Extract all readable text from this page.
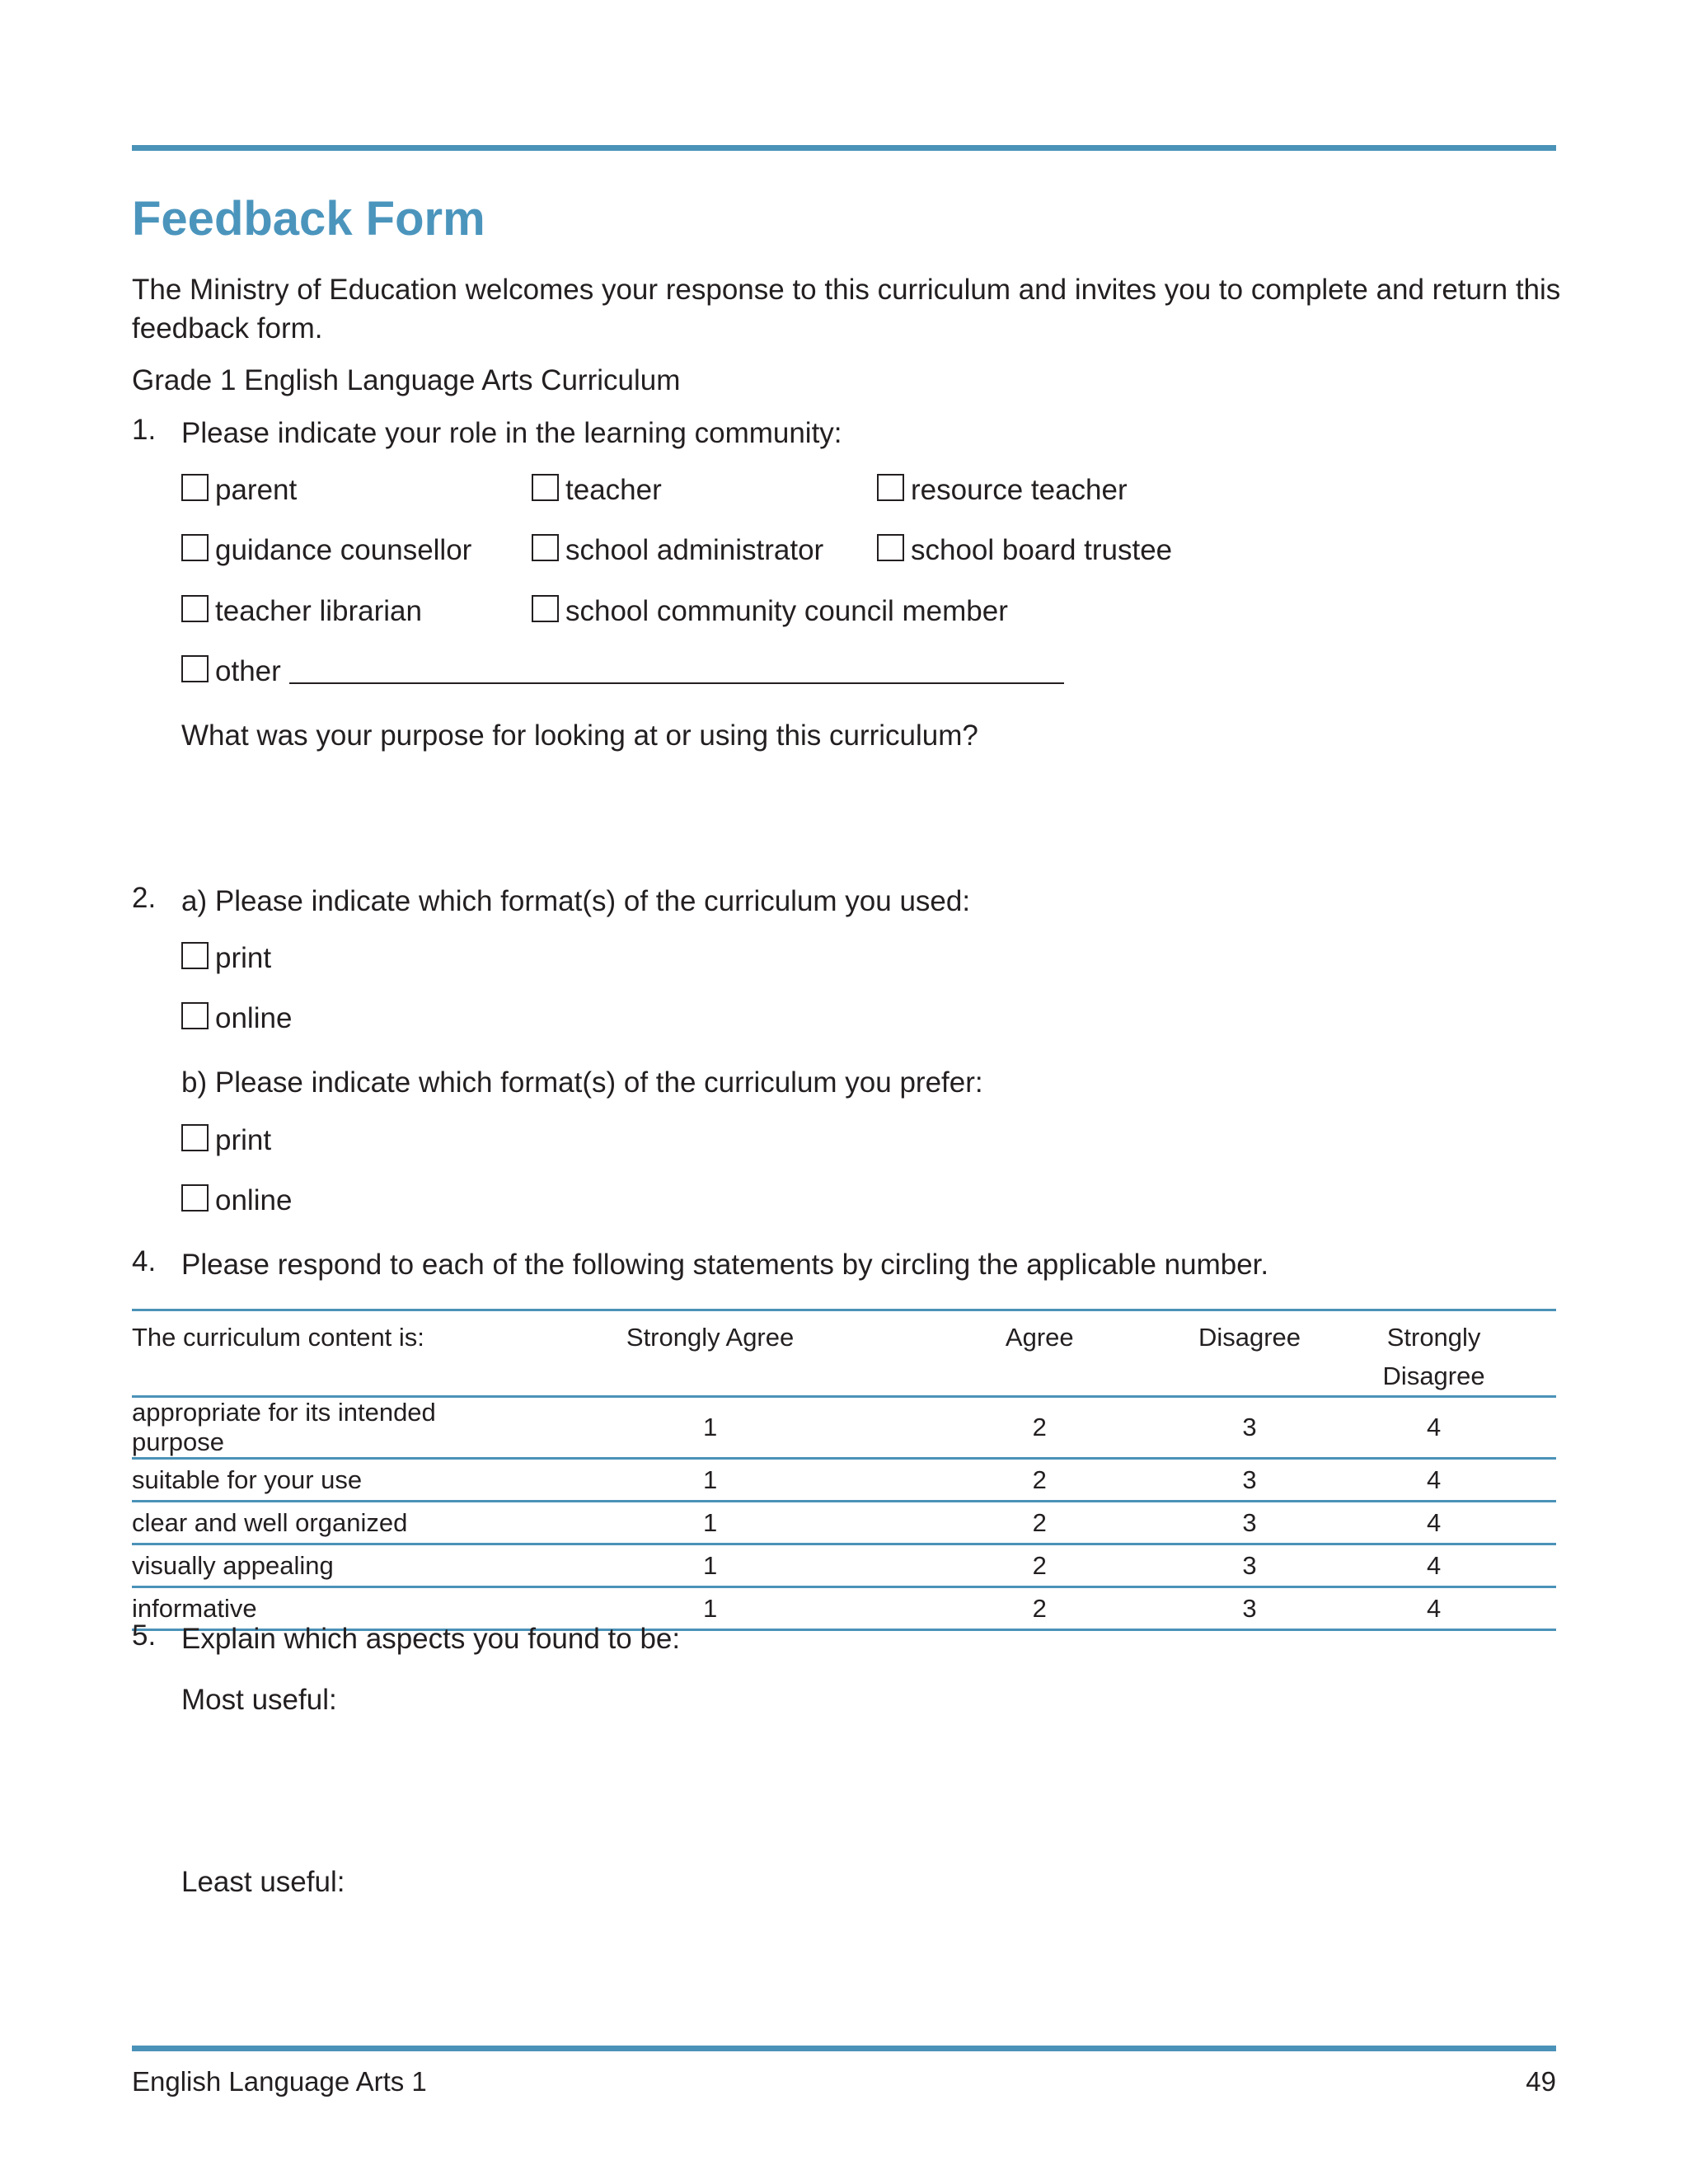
Feedback Form
The Ministry of Education welcomes your response to this curriculum and invites you to complete and return this feedback form.
Grade 1 English Language Arts Curriculum
1. Please indicate your role in the learning community:
parent	teacher	resource teacher
guidance counsellor	school administrator	school board trustee
teacher librarian	school community council member
other
What was your purpose for looking at or using this curriculum?
2. a) Please indicate which format(s) of the curriculum you used:
print
online
b) Please indicate which format(s) of the curriculum you prefer:
print
online
4. Please respond to each of the following statements by circling the applicable number.
The curriculum content is:	Strongly Agree	Agree	Disagree	Strongly
Disagree

appropriate for its intended purpose	1	2	3	4
suitable for your use	1	2	3	4
clear and well organized	1	2	3	4
visually appealing	1	2	3	4
informative	1	2	3	4
5. Explain which aspects you found to be:
Most useful:
Least useful:
English Language Arts 1	49
